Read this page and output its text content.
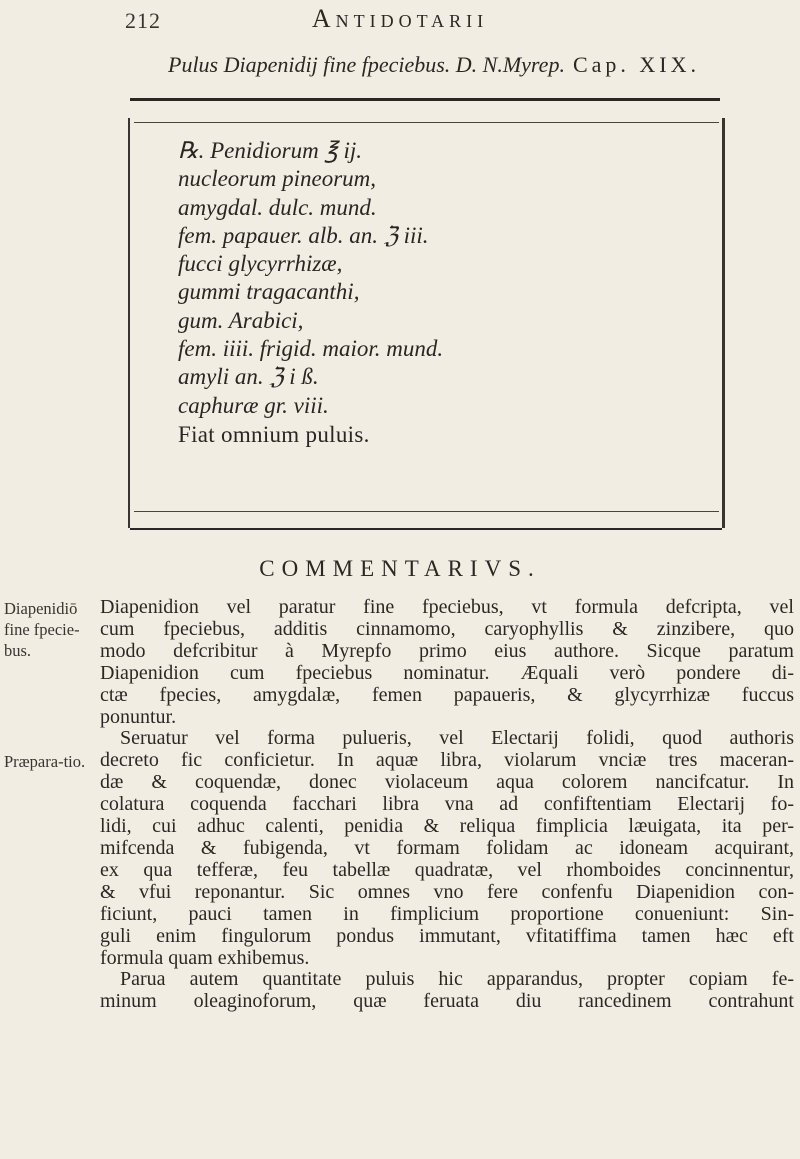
212	Antidotarii
Pulus Diapenidij fine fpeciebus. D. N.Myrep. Cap. XIX.
℞. Penidiorum ℥ ij.
nucleorum pineorum,
amygdal. dulc. mund.
fem. papauer. alb. an. ℨ iii.
fucci glycyrrhizæ,
gummi tragacanthi,
gum. Arabici,
fem. iiii. frigid. maior. mund.
amyli an. ℨ i ß.
caphuræ gr. viii.
Fiat omnium puluis.
COMMENTARIVS.
Diapenidiō fine fpecie-bus.
Præpara-tio.
Diapenidion vel paratur fine fpeciebus, vt formula defcripta, vel
cum fpeciebus, additis cinnamomo, caryophyllis & zinzibere, quo
modo defcribitur à Myrepfo primo eius authore. Sicque paratum
Diapenidion cum fpeciebus nominatur. Æquali verò pondere di-
ctæ fpecies, amygdalæ, femen papaueris, & glycyrrhizæ fuccus
ponuntur.
Seruatur vel forma pulueris, vel Electarij folidi, quod authoris
decreto fic conficietur. In aquæ libra, violarum vnciæ tres maceran-
dæ & coquendæ, donec violaceum aqua colorem nancifcatur. In
colatura coquenda facchari libra vna ad confiftentiam Electarij fo-
lidi, cui adhuc calenti, penidia & reliqua fimplicia læuigata, ita per-
mifcenda & fubigenda, vt formam folidam ac idoneam acquirant,
ex qua tefferæ, feu tabellæ quadratæ, vel rhomboides concinnentur,
& vfui reponantur. Sic omnes vno fere confenfu Diapenidion con-
ficiunt, pauci tamen in fimplicium proportione conueniunt: Sin-
guli enim fingulorum pondus immutant, vfitatiffima tamen hæc eft
formula quam exhibemus.
Parua autem quantitate puluis hic apparandus, propter copiam fe-
minum oleaginoforum, quæ feruata diu rancedinem contrahunt
